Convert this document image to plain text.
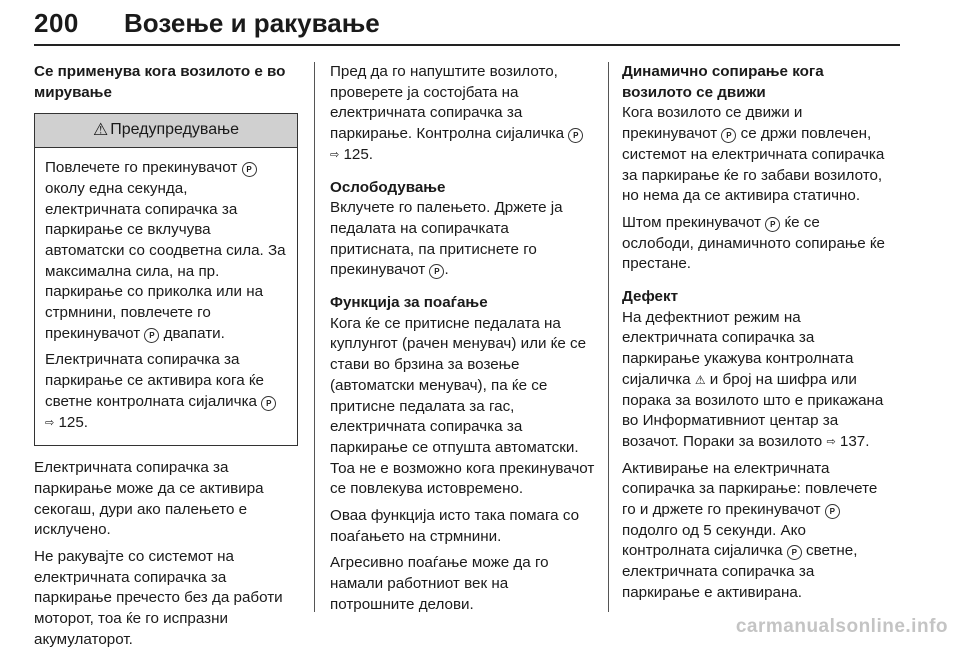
200 Возење и ракување

Се применува кога возилото е во мирување

⚠ Предупредување

Повлечете го прекинувачот P околу една секунда, електричната сопирачка за паркирање се вклучува автоматски со соодветна сила. За максимална сила, на пр. паркирање со приколка или на стрмнини, повлечете го прекинувачот P двапати.

Електричната сопирачка за паркирање се активира кога ќе светне контролната сијаличка P ⇨ 125.

Електричната сопирачка за паркирање може да се активира секогаш, дури ако палењето е исклучено.

Не ракувајте со системот на електричната сопирачка за паркирање пречесто без да работи моторот, тоа ќе го испразни акумулаторот.

Пред да го напуштите возилото, проверете ја состојбата на електричната сопирачка за паркирање. Контролна сијаличка P ⇨ 125.

Ослободување

Вклучете го палењето. Држете ја педалата на сопирачката притисната, па притиснете го прекинувачот P .

Функција за поаѓање

Кога ќе се притисне педалата на куплунгот (рачен менувач) или ќе се стави во брзина за возење (автоматски менувач), па ќе се притисне педалата за гас, електричната сопирачка за паркирање се отпушта автоматски. Тоа не е возможно кога прекинувачот се повлекува истовремено.

Оваа функција исто така помага со поаѓањето на стрмнини.

Агресивно поаѓање може да го намали работниот век на потрошните делови.

Динамично сопирање кога возилото се движи

Кога возилото се движи и прекинувачот P се држи повлечен, системот на електричната сопирачка за паркирање ќе го забави возилото, но нема да се активира статично.

Штом прекинувачот P ќе се ослободи, динамичното сопирање ќе престане.

Дефект

На дефектниот режим на електричната сопирачка за паркирање укажува контролната сијаличка ⚠ и број на шифра или порака за возилото што е прикажана во Информативниот центар за возачот. Пораки за возилото ⇨ 137.

Активирање на електричната сопирачка за паркирање: повлечете го и држете го прекинувачот P подолго од 5 секунди. Ако контролната сијаличка P светне, електричната сопирачка за паркирање е активирана.

carmanualsonline.info
